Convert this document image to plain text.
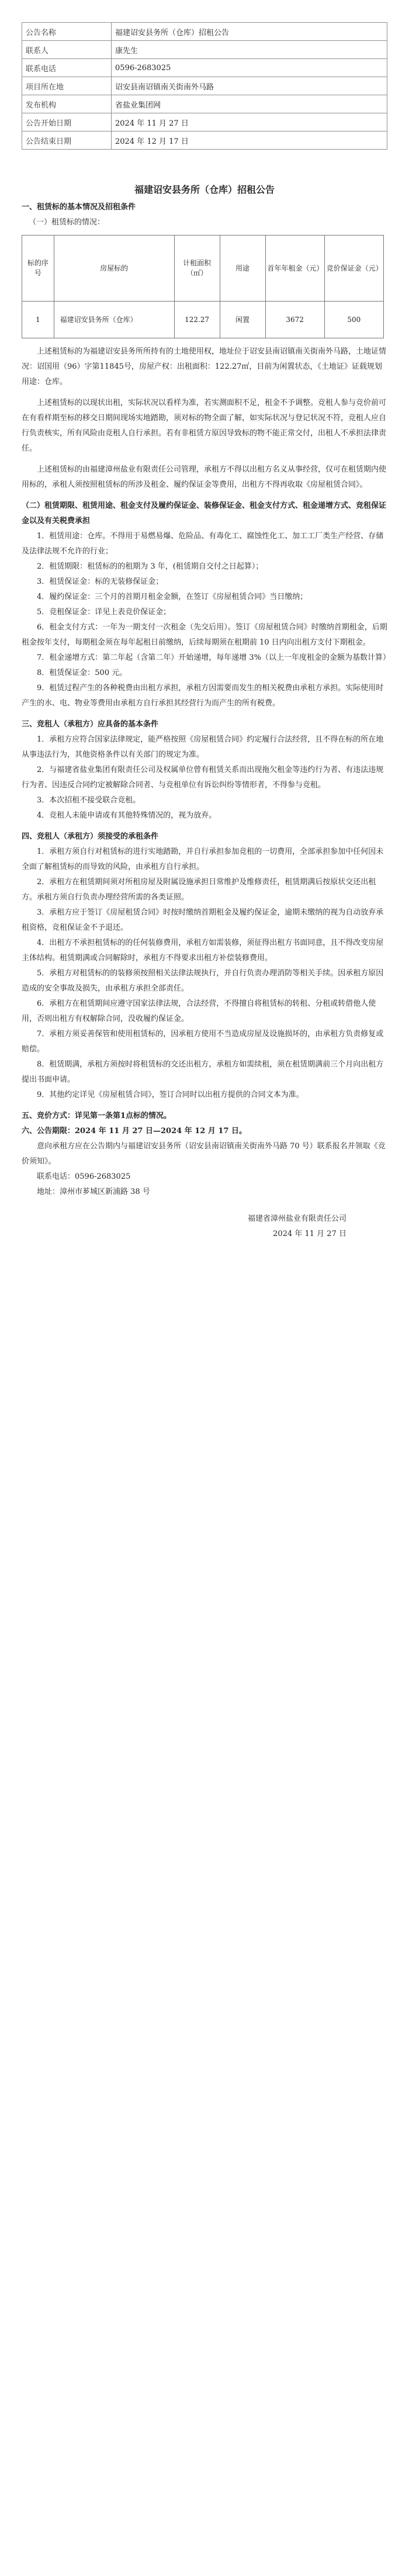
公告名称	福建诏安县务所（仓库）招租公告
联系人	康先生
联系电话	0596-2683025
项目所在地	诏安县南诏镇南关街南外马路
发布机构	省盐业集团网
公告开始日期	2024 年 11 月 27 日
公告结束日期	2024 年 12 月 17 日
福建诏安县务所（仓库）招租公告

一、租赁标的基本情况及招租条件

（一）租赁标的情况：

标的序号	房屋标的	计租面积（㎡）	用途	首年年租金（元）	竞价保证金（元）
1	福建诏安县务所（仓库）	122.27	闲置	3672	500

上述租赁标的为福建诏安县务所所持有的土地使用权，地址位于诏安县南诏镇南关街南外马路，土地证情况：诏国用（96）字第11845号，房屋产权：出租面积：122.27㎡，目前为闲置状态，《土地证》证载规划用途：仓库。

上述租赁标的以现状出租，实际状况以看样为准，若实测面积不足，租金不予调整。竞租人参与竞价前可在有看样期至标的移交日期间现场实地踏勘，须对标的物全面了解，如实际状况与登记状况不符，竞租人应自行负责核实，所有风险由竞租人自行承担。若有非租赁方原因导致标的物不能正常交付，出租人不承担法律责任。

上述租赁标的由福建漳州盐业有限责任公司管理，承租方不得以出租方名义从事经营，仅可在租赁期内使用标的，承租人须按照租赁标的所涉及租金、履约保证金等费用，出租方不得再收取《房屋租赁合同》。

（二）租赁期限、租赁用途、租金支付及履约保证金、装修保证金、租金支付方式、租金递增方式、竞租保证金以及有关税费承担

1．租赁用途：仓库。不得用于易燃易爆、危险品、有毒化工、腐蚀性化工、加工工厂类生产经营、存储及法律法规不允许的行业；

2．租赁期限：租赁标的的租期为 3 年，(租赁期自交付之日起算）；

3．租赁保证金：标的无装修保证金；

4．履约保证金：三个月的首期月租金金额，在签订《房屋租赁合同》当日缴纳；

5．竞租保证金：详见上表竞价保证金；

6．租金支付方式：一年为一期支付一次租金（先交后用）。签订《房屋租赁合同》时缴纳首期租金，后期租金按年支付，每期租金须在每年起租日前缴纳，后续每期须在租期前 10 日内向出租方支付下期租金。

7．租金递增方式：第二年起（含第二年）开始递增，每年递增 3%（以上一年度租金的金额为基数计算）

8．租赁保证金：500 元。

9．租赁过程产生的各种税费由出租方承担，承租方因需要而发生的相关税费由承租方承担。实际使用时产生的水、电、物业等费用由承租方自行承担其经营行为而产生的所有税费。

三、竞租人（承租方）应具备的基本条件

1．承租方应符合国家法律规定，能严格按照《房屋租赁合同》约定履行合法经营，且不得在标的所在地从事违法行为，其他资格条件以有关部门的规定为准。

2．与福建省盐业集团有限责任公司及权属单位曾有租赁关系而出现拖欠租金等违约行为者、有违法违规行为者、因违反合同约定被解除合同者、与竞租单位有诉讼纠纷等情形者，不得参与竞租。

3．本次招租不接受联合竞租。

4．竞租人未能申请或有其他特殊情况的，视为放弃。

四、竞租人（承租方）须接受的承租条件

1．承租方须自行对租赁标的进行实地踏勘，并自行承担参加竞租的一切费用，全部承担参加中任何因未全面了解租赁标的而导致的风险，由承租方自行承担。

2．承租方在租赁期间须对所租房屋及附属设施承担日常维护及维修责任，租赁期满后按原状交还出租方。承租方须自行负责办理经营所需的各类证照。

3．承租方应于签订《房屋租赁合同》时按时缴纳首期租金及履约保证金，逾期未缴纳的视为自动放弃承租资格，竞租保证金不予退还。

4．出租方不承担租赁标的的任何装修费用，承租方如需装修，须征得出租方书面同意，且不得改变房屋主体结构。租赁期满或合同解除时，承租方不得要求出租方补偿装修费用。

5．承租方对租赁标的的装修须按照相关法律法规执行，并自行负责办理消防等相关手续。因承租方原因造成的安全事故及损失，由承租方承担全部责任。

6．承租方在租赁期间应遵守国家法律法规，合法经营，不得擅自将租赁标的转租、分租或转借他人使用，否则出租方有权解除合同，没收履约保证金。

7．承租方须妥善保管和使用租赁标的，因承租方使用不当造成房屋及设施损坏的，由承租方负责修复或赔偿。

8．租赁期满，承租方须按时将租赁标的交还出租方，承租方如需续租，须在租赁期满前三个月向出租方提出书面申请。

9．其他约定详见《房屋租赁合同》，签订合同时以出租方提供的合同文本为准。

五、竞价方式：详见第一条第1点标的情况。

六、公告期限：2024 年 11 月 27 日—2024 年 12 月 17 日。

意向承租方应在公告期内与福建诏安县务所（诏安县南诏镇南关街南外马路 70 号）联系报名并领取《竞价须知》。

联系电话：0596-2683025

地址：漳州市芗城区新浦路 38 号

福建省漳州盐业有限责任公司

2024 年 11 月 27 日
